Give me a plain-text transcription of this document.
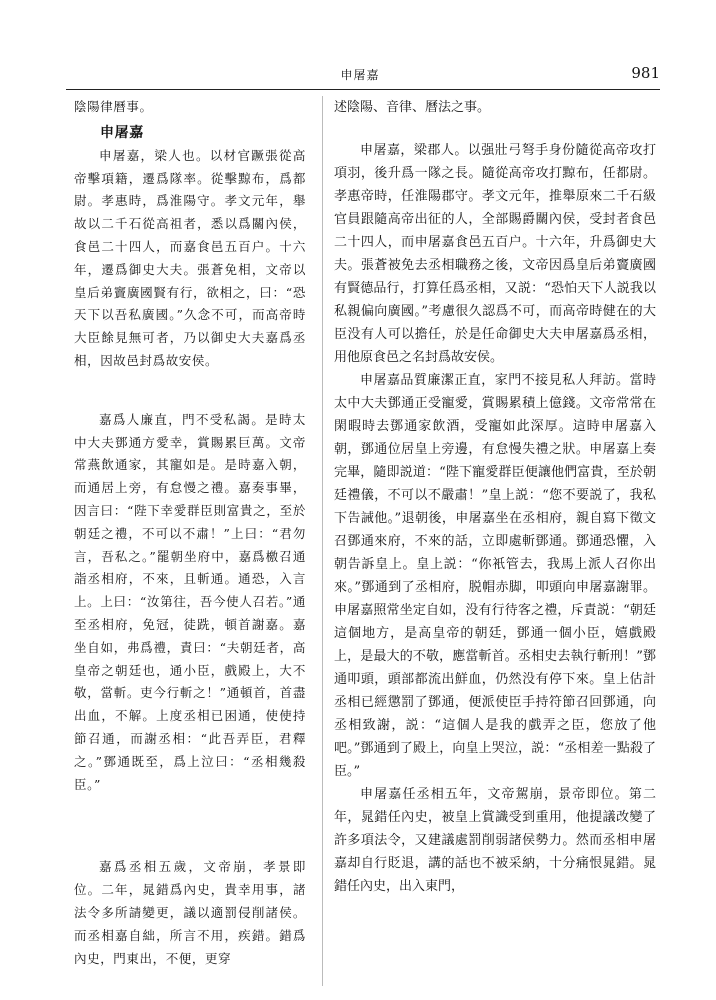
申屠嘉	981

陰陽律曆事。

申屠嘉

申屠嘉，梁人也。以材官蹶張從高帝擊項籍，遷爲隊率。從擊黥布，爲都尉。孝惠時，爲淮陽守。孝文元年，舉故以二千石從高祖者，悉以爲關內侯，食邑二十四人，而嘉食邑五百户。十六年，遷爲御史大夫。張蒼免相，文帝以皇后弟竇廣國賢有行，欲相之，曰：“恐天下以吾私廣國。”久念不可，而高帝時大臣餘見無可者，乃以御史大夫嘉爲丞相，因故邑封爲故安侯。

嘉爲人廉直，門不受私謁。是時太中大夫鄧通方愛幸，賞賜累巨萬。文帝常燕飲通家，其寵如是。是時嘉入朝，而通居上旁，有怠慢之禮。嘉奏事畢，因言曰：“陛下幸愛群臣則富貴之，至於朝廷之禮，不可以不肅！”上曰：“君勿言，吾私之。”罷朝坐府中，嘉爲檄召通詣丞相府，不來，且斬通。通恐，入言上。上曰：“汝第往，吾今使人召若。”通至丞相府，免冠，徒跣，頓首謝嘉。嘉坐自如，弗爲禮，責曰：“夫朝廷者，高皇帝之朝廷也，通小臣，戲殿上，大不敬，當斬。吏今行斬之！”通頓首，首盡出血，不解。上度丞相已困通，使使持節召通，而謝丞相：“此吾弄臣，君釋之。”鄧通既至，爲上泣曰：“丞相幾殺臣。”

嘉爲丞相五歲，文帝崩，孝景即位。二年，晁錯爲內史，貴幸用事，諸法令多所請變更，議以適罰侵削諸侯。而丞相嘉自絀，所言不用，疾錯。錯爲內史，門東出，不便，更穿

述陰陽、音律、曆法之事。

申屠嘉，梁郡人。以强壯弓弩手身份隨從高帝攻打項羽，後升爲一隊之長。隨從高帝攻打黥布，任都尉。孝惠帝時，任淮陽郡守。孝文元年，推舉原來二千石級官員跟隨高帝出征的人，全部賜爵關內侯，受封者食邑二十四人，而申屠嘉食邑五百户。十六年，升爲御史大夫。張蒼被免去丞相職務之後，文帝因爲皇后弟竇廣國有賢德品行，打算任爲丞相，又説：“恐怕天下人説我以私親偏向廣國。”考慮很久認爲不可，而高帝時健在的大臣没有人可以擔任，於是任命御史大夫申屠嘉爲丞相，用他原食邑之名封爲故安侯。

申屠嘉品質廉潔正直，家門不接見私人拜訪。當時太中大夫鄧通正受寵愛，賞賜累積上億錢。文帝常常在閑暇時去鄧通家飲酒，受寵如此深厚。這時申屠嘉入朝，鄧通位居皇上旁邊，有怠慢失禮之狀。申屠嘉上奏完畢，隨即説道：“陛下寵愛群臣便讓他們富貴，至於朝廷禮儀，不可以不嚴肅！”皇上説：“您不要説了，我私下告誡他。”退朝後，申屠嘉坐在丞相府，親自寫下徵文召鄧通來府，不來的話，立即處斬鄧通。鄧通恐懼，入朝告訴皇上。皇上説：“你衹管去，我馬上派人召你出來。”鄧通到了丞相府，脱帽赤脚，叩頭向申屠嘉謝罪。申屠嘉照常坐定自如，没有行待客之禮，斥責説：“朝廷這個地方，是高皇帝的朝廷，鄧通一個小臣，嬉戲殿上，是最大的不敬，應當斬首。丞相史去執行斬刑！”鄧通叩頭，頭部都流出鮮血，仍然没有停下來。皇上估計丞相已經懲罰了鄧通，便派使臣手持符節召回鄧通，向丞相致謝，説：“這個人是我的戲弄之臣，您放了他吧。”鄧通到了殿上，向皇上哭泣，説：“丞相差一點殺了臣。”

申屠嘉任丞相五年，文帝駕崩，景帝即位。第二年，晁錯任內史，被皇上賞識受到重用，他提議改變了許多項法令，又建議處罰削弱諸侯勢力。然而丞相申屠嘉却自行貶退，講的話也不被采納，十分痛恨晁錯。晁錯任內史，出入東門，
